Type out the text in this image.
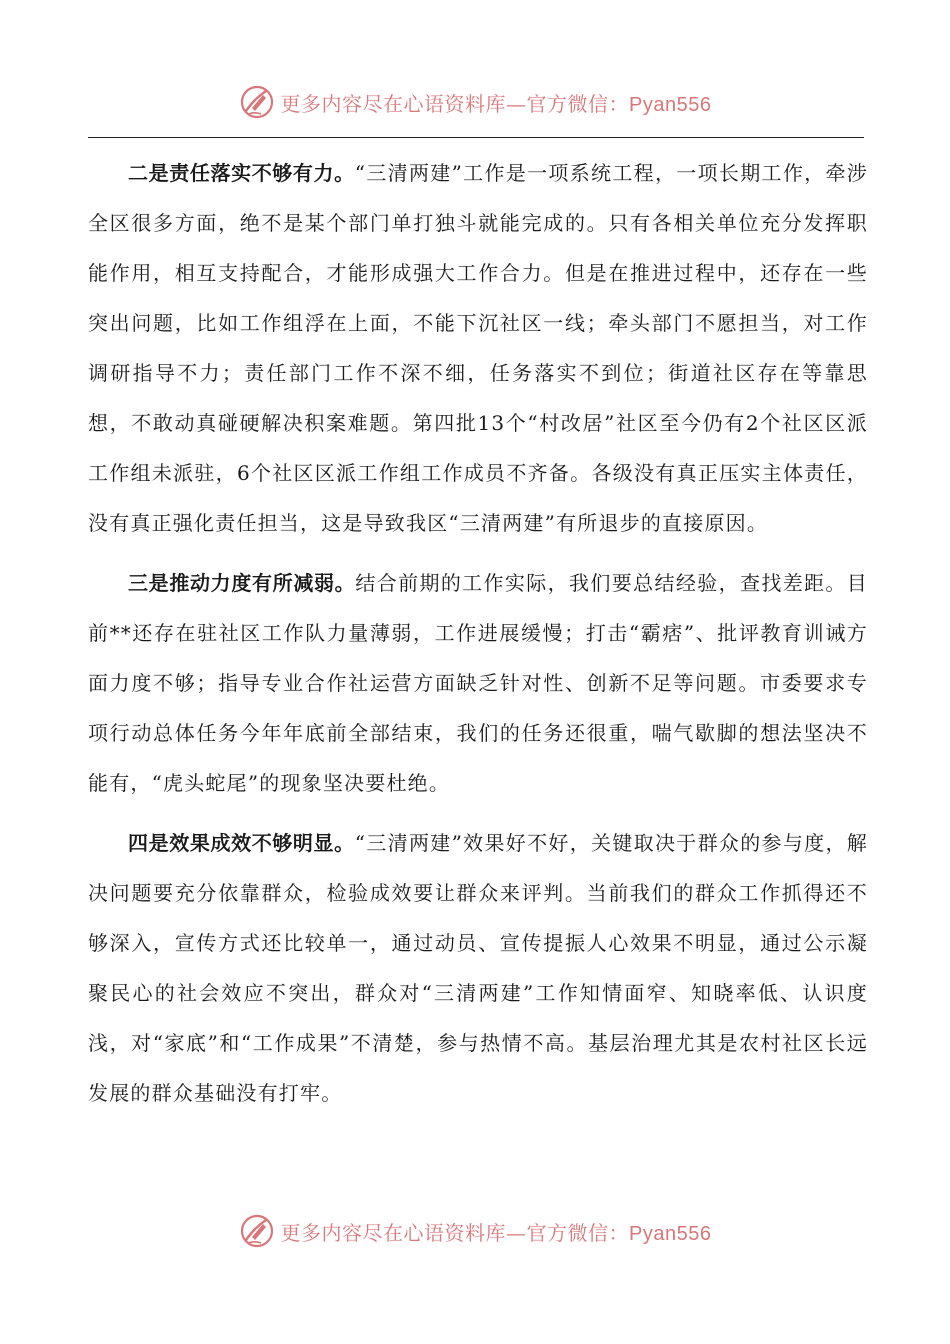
更多内容尽在心语资料库—官方微信：Pyan556

二是责任落实不够有力。“三清两建”工作是一项系统工程，一项长期工作，牵涉全区很多方面，绝不是某个部门单打独斗就能完成的。只有各相关单位充分发挥职能作用，相互支持配合，才能形成强大工作合力。但是在推进过程中，还存在一些突出问题，比如工作组浮在上面，不能下沉社区一线；牵头部门不愿担当，对工作调研指导不力；责任部门工作不深不细，任务落实不到位；街道社区存在等靠思想，不敢动真碰硬解决积案难题。第四批13个“村改居”社区至今仍有2个社区区派工作组未派驻，6个社区区派工作组工作成员不齐备。各级没有真正压实主体责任，没有真正强化责任担当，这是导致我区“三清两建”有所退步的直接原因。

三是推动力度有所减弱。结合前期的工作实际，我们要总结经验，查找差距。目前**还存在驻社区工作队力量薄弱，工作进展缓慢；打击“霸痞”、批评教育训诫方面力度不够；指导专业合作社运营方面缺乏针对性、创新不足等问题。市委要求专项行动总体任务今年年底前全部结束，我们的任务还很重，喘气歇脚的想法坚决不能有，“虎头蛇尾”的现象坚决要杜绝。

四是效果成效不够明显。“三清两建”效果好不好，关键取决于群众的参与度，解决问题要充分依靠群众，检验成效要让群众来评判。当前我们的群众工作抓得还不够深入，宣传方式还比较单一，通过动员、宣传提振人心效果不明显，通过公示凝聚民心的社会效应不突出，群众对“三清两建”工作知情面窄、知晓率低、认识度浅，对“家底”和“工作成果”不清楚，参与热情不高。基层治理尤其是农村社区长远发展的群众基础没有打牢。

更多内容尽在心语资料库—官方微信：Pyan556
